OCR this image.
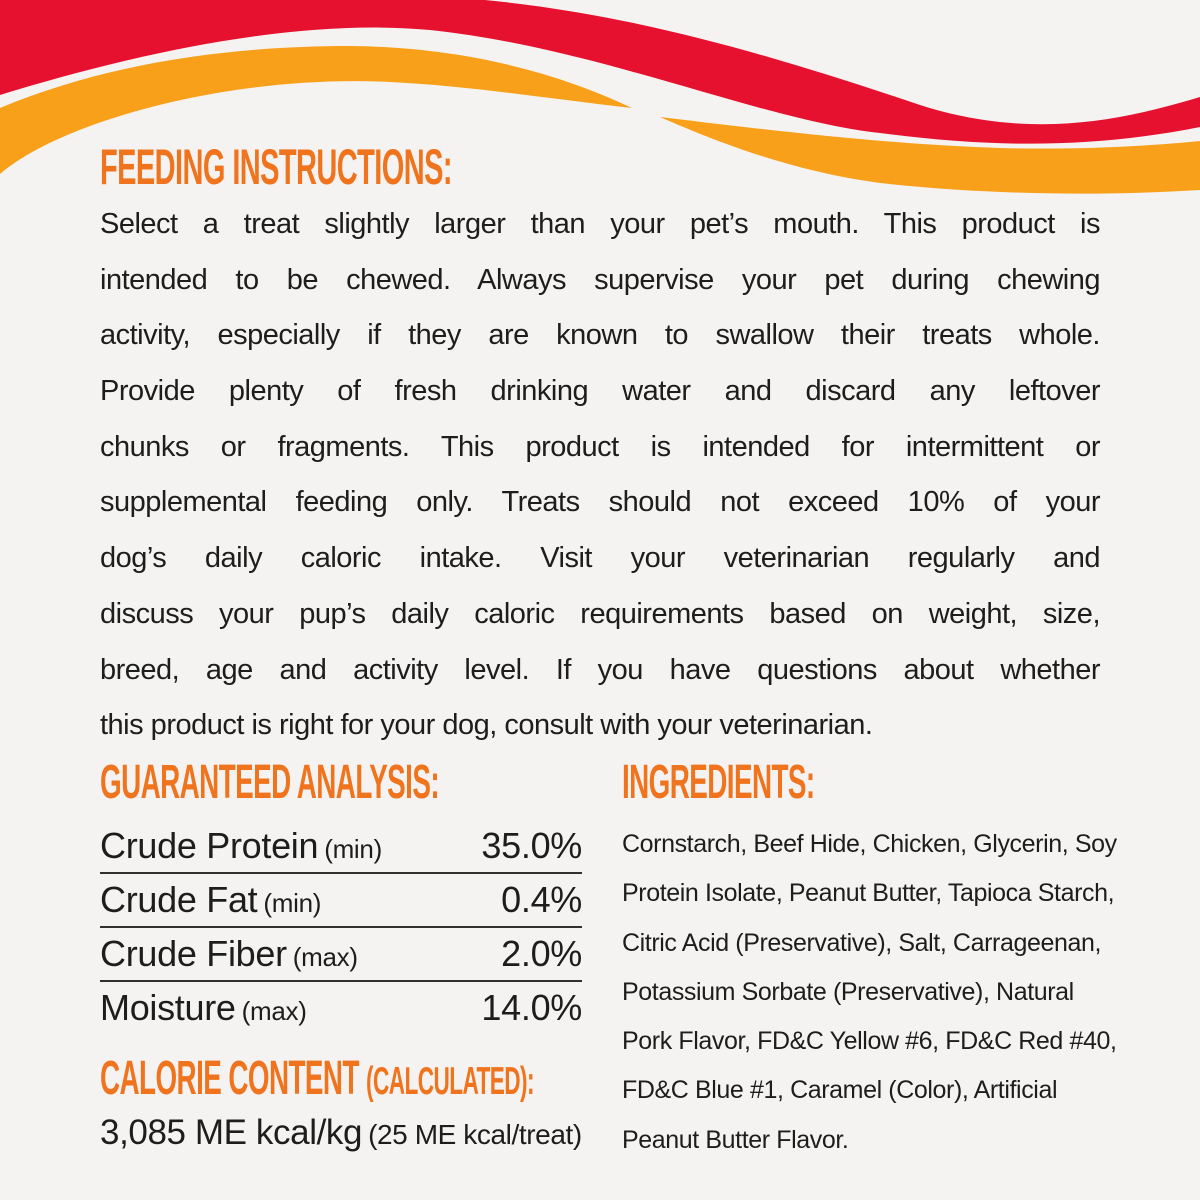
FEEDING INSTRUCTIONS:
Select a treat slightly larger than your pet’s mouth. This product is
intended to be chewed. Always supervise your pet during chewing
activity, especially if they are known to swallow their treats whole.
Provide plenty of fresh drinking water and discard any leftover
chunks or fragments. This product is intended for intermittent or
supplemental feeding only. Treats should not exceed 10% of your
dog’s daily caloric intake. Visit your veterinarian regularly and
discuss your pup’s daily caloric requirements based on weight, size,
breed, age and activity level. If you have questions about whether
this product is right for your dog, consult with your veterinarian.
GUARANTEED ANALYSIS:
Crude Protein (min)	35.0%
Crude Fat (min)	0.4%
Crude Fiber (max)	2.0%
Moisture (max)	14.0%
CALORIE CONTENT (CALCULATED):
3,085 ME kcal/kg (25 ME kcal/treat)
INGREDIENTS:
Cornstarch, Beef Hide, Chicken, Glycerin, Soy
Protein Isolate, Peanut Butter, Tapioca Starch,
Citric Acid (Preservative), Salt, Carrageenan,
Potassium Sorbate (Preservative), Natural
Pork Flavor, FD&C Yellow #6, FD&C Red #40,
FD&C Blue #1, Caramel (Color), Artificial
Peanut Butter Flavor.
